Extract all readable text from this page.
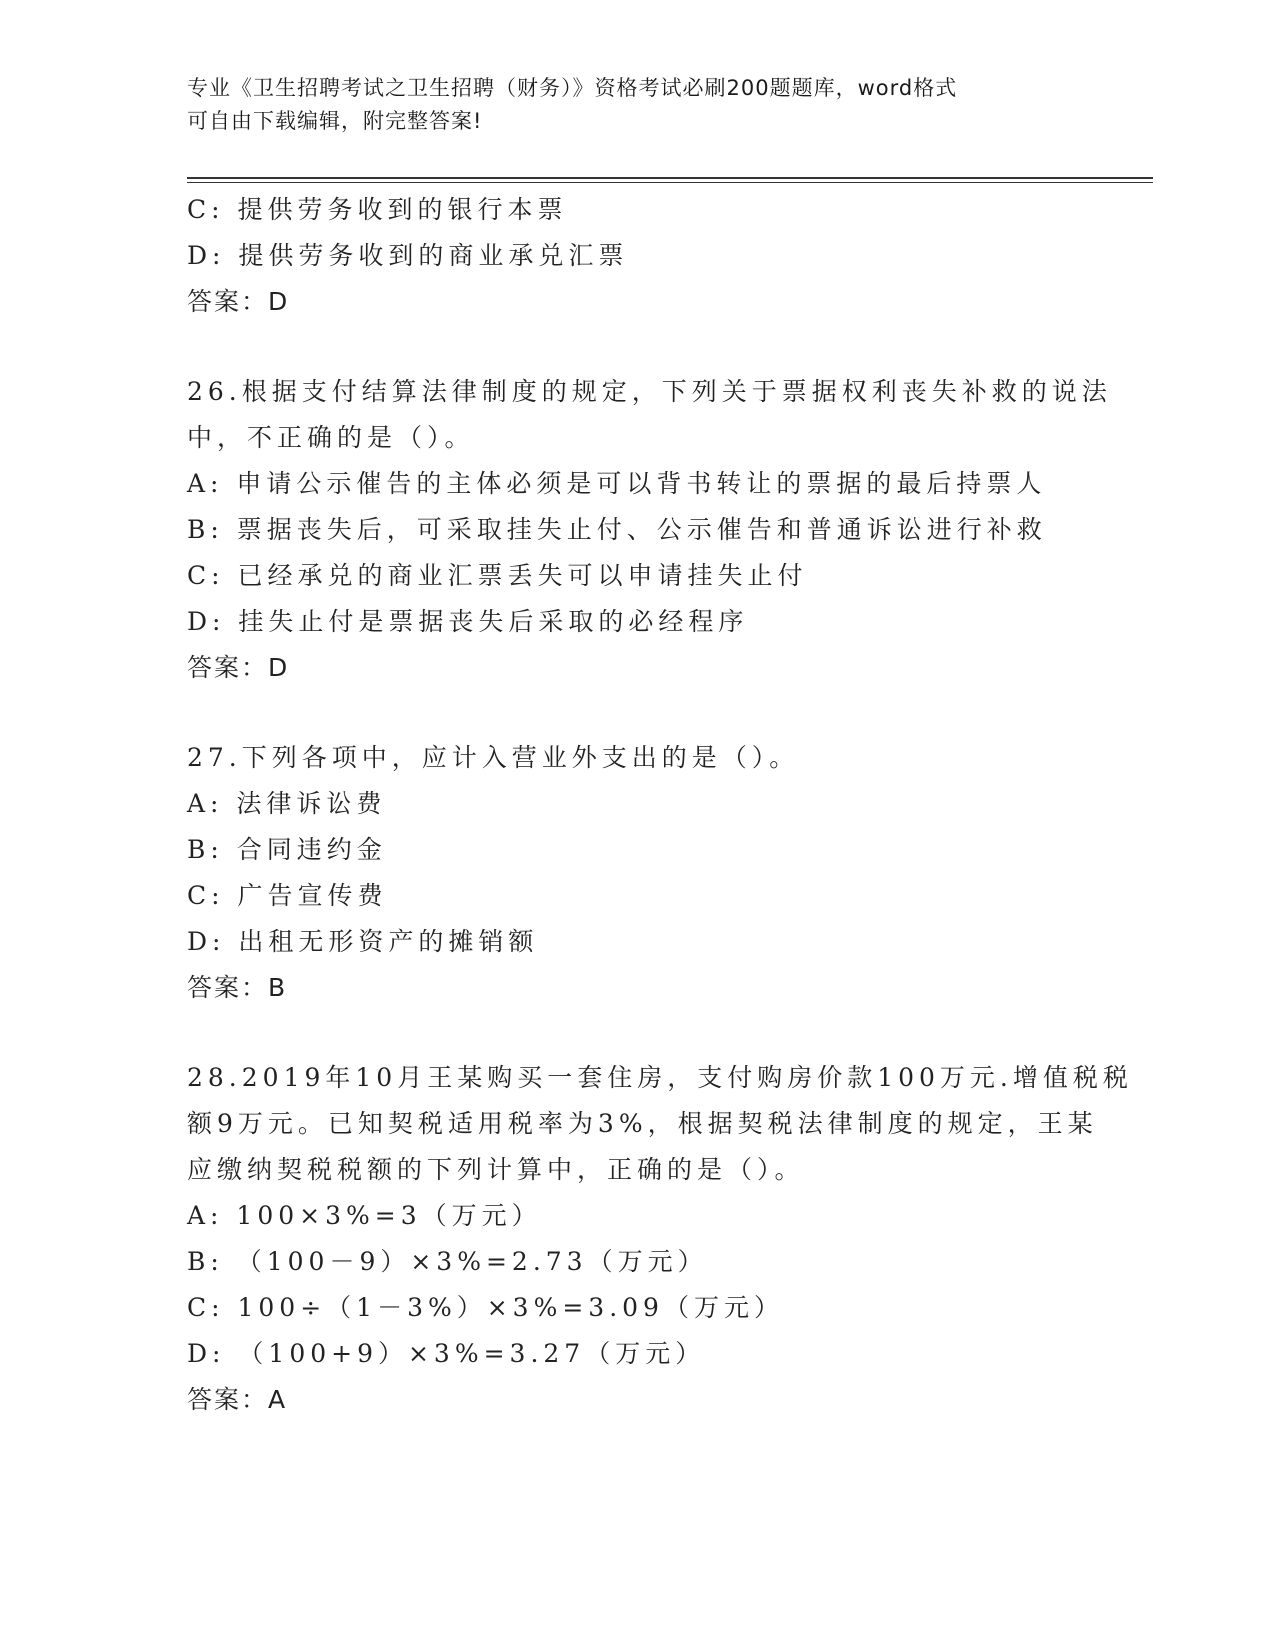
专业《卫生招聘考试之卫生招聘（财务）》资格考试必刷200题题库，word格式
可自由下载编辑，附完整答案!
C: 提供劳务收到的银行本票
D: 提供劳务收到的商业承兑汇票
答案：D
26.根据支付结算法律制度的规定，下列关于票据权利丧失补救的说法
中，不正确的是（）。
A: 申请公示催告的主体必须是可以背书转让的票据的最后持票人
B: 票据丧失后，可采取挂失止付、公示催告和普通诉讼进行补救
C: 已经承兑的商业汇票丢失可以申请挂失止付
D: 挂失止付是票据丧失后采取的必经程序
答案：D
27.下列各项中，应计入营业外支出的是（）。
A: 法律诉讼费
B: 合同违约金
C: 广告宣传费
D: 出租无形资产的摊销额
答案：B
28.2019年10月王某购买一套住房，支付购房价款100万元.增值税税
额9万元。已知契税适用税率为3%，根据契税法律制度的规定，王某
应缴纳契税税额的下列计算中，正确的是（）。
A: 100×3%=3（万元）
B: （100－9）×3%=2.73（万元）
C: 100÷（1－3%）×3%=3.09（万元）
D: （100+9）×3%=3.27（万元）
答案：A
